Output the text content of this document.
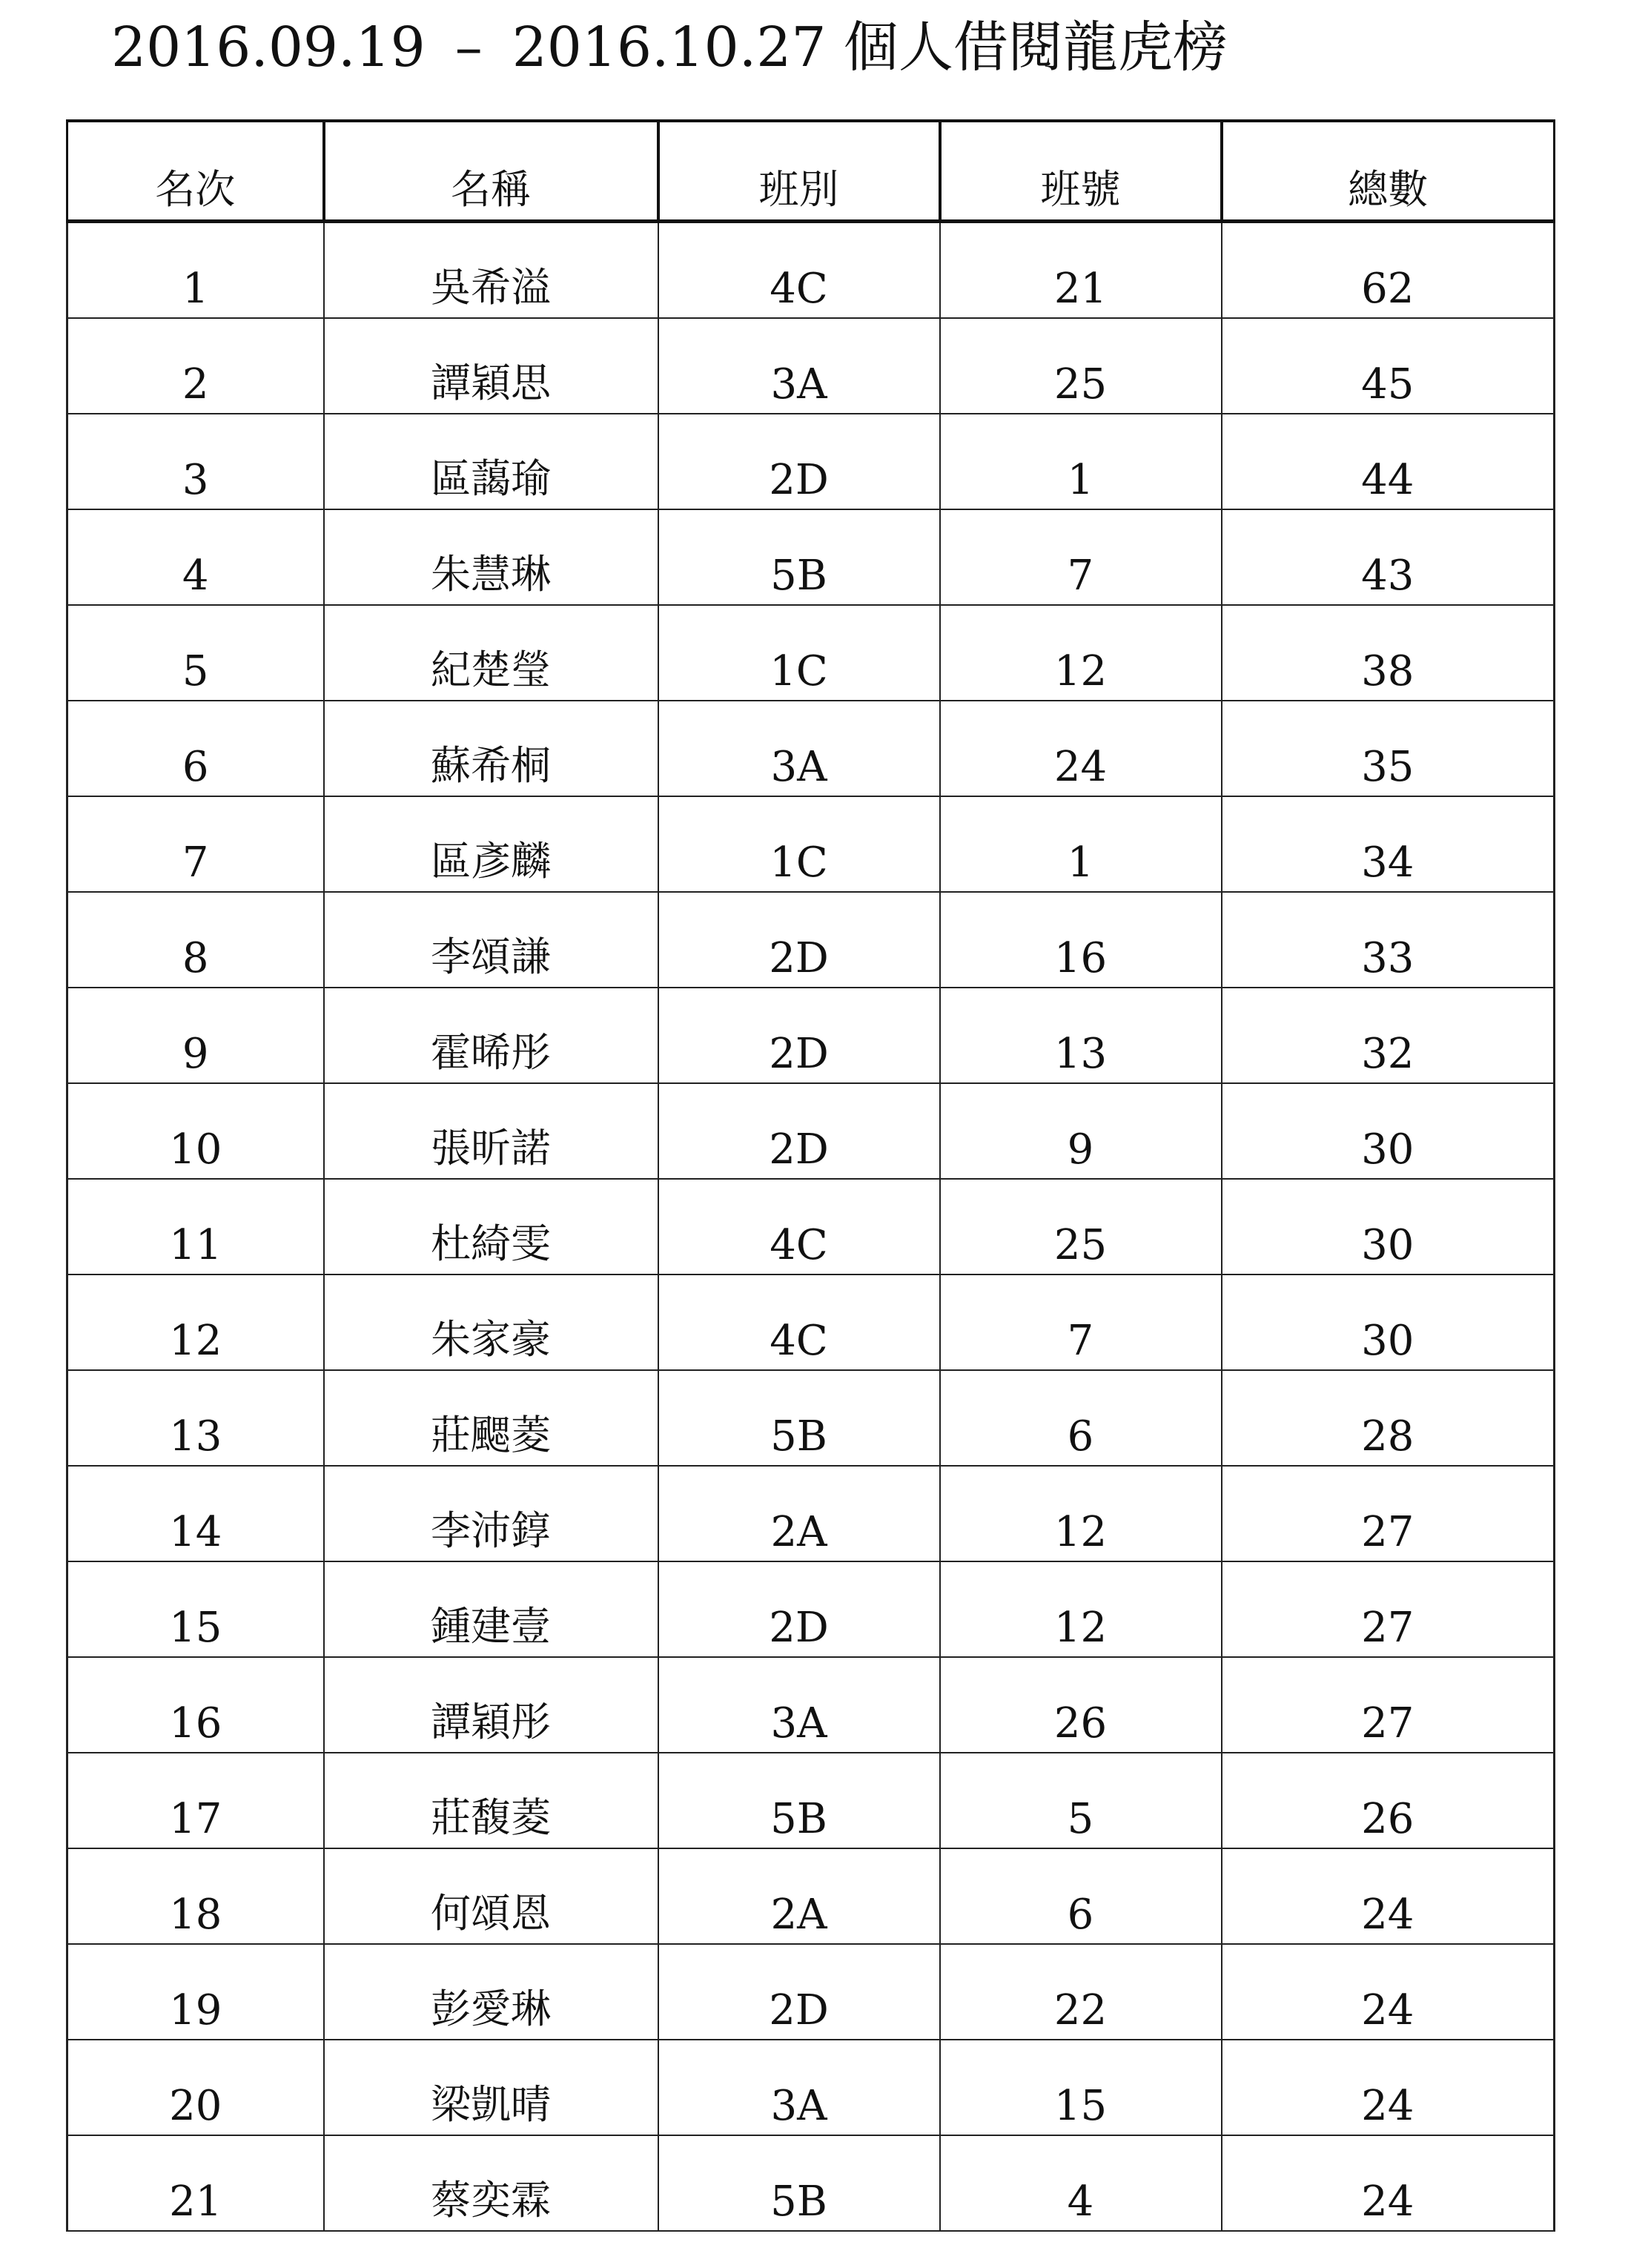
2016.09.19 – 2016.10.27 個人借閱龍虎榜
名次	名稱	班別	班號	總數
1	吳希溢	4C	21	62
2	譚穎思	3A	25	45
3	區藹瑜	2D	1	44
4	朱慧琳	5B	7	43
5	紀楚瑩	1C	12	38
6	蘇希桐	3A	24	35
7	區彥麟	1C	1	34
8	李頌謙	2D	16	33
9	霍晞彤	2D	13	32
10	張昕諾	2D	9	30
11	杜綺雯	4C	25	30
12	朱家豪	4C	7	30
13	莊颸菱	5B	6	28
14	李沛錞	2A	12	27
15	鍾建壹	2D	12	27
16	譚穎彤	3A	26	27
17	莊馥菱	5B	5	26
18	何頌恩	2A	6	24
19	彭愛琳	2D	22	24
20	梁凱晴	3A	15	24
21	蔡奕霖	5B	4	24
